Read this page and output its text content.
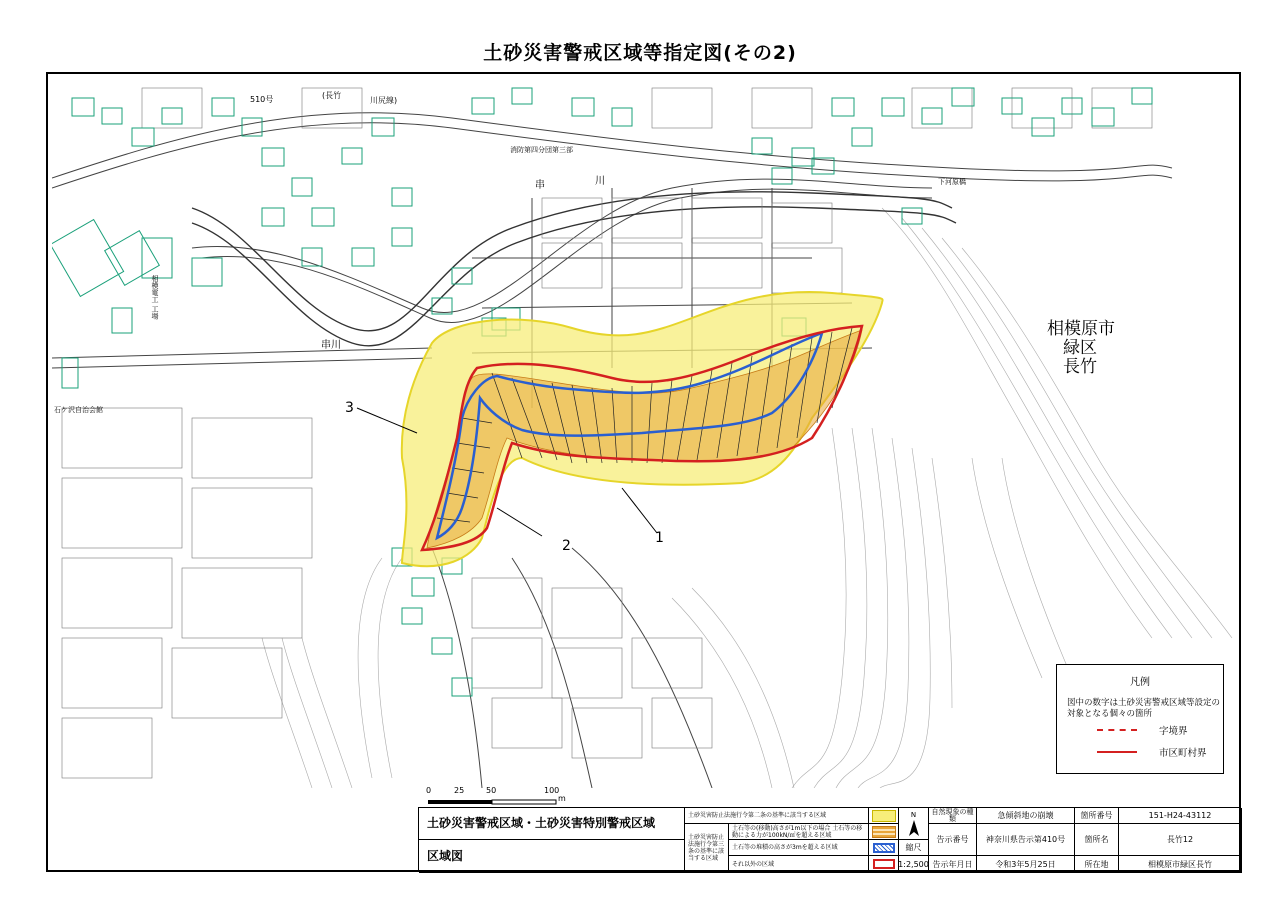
土砂災害警戒区域等指定図(その2)
相模原市
緑区
長竹
510号	(長竹
川尻線)
串	川
串川
下河原橋
消防第四分団第三部
石ケ沢自治会館
相模電工 工場
1
2
3
凡例
図中の数字は土砂災害警戒区域等設定の対象となる個々の箇所
字境界
市区町村界
0	25	50	100
m
土砂災害警戒区域・土砂災害特別警戒区域
区域図
土砂災害防止法施行令第二条の基準に該当する区域
土砂災害防止法施行令第三条の基準に該当する区域
土石等の(移動)高さが1m以下の場合 土石等の移動による力が100kN/㎡を超える区域
土石等の堆積の高さが3mを超える区域
それ以外の区域
N
縮尺
1:2,500
自然現象の種類	急傾斜地の崩壊
告示番号	神奈川県告示第410号
告示年月日	令和3年5月25日
箇所番号	151-H24-43112
箇所名	長竹12
所在地	相模原市緑区長竹
